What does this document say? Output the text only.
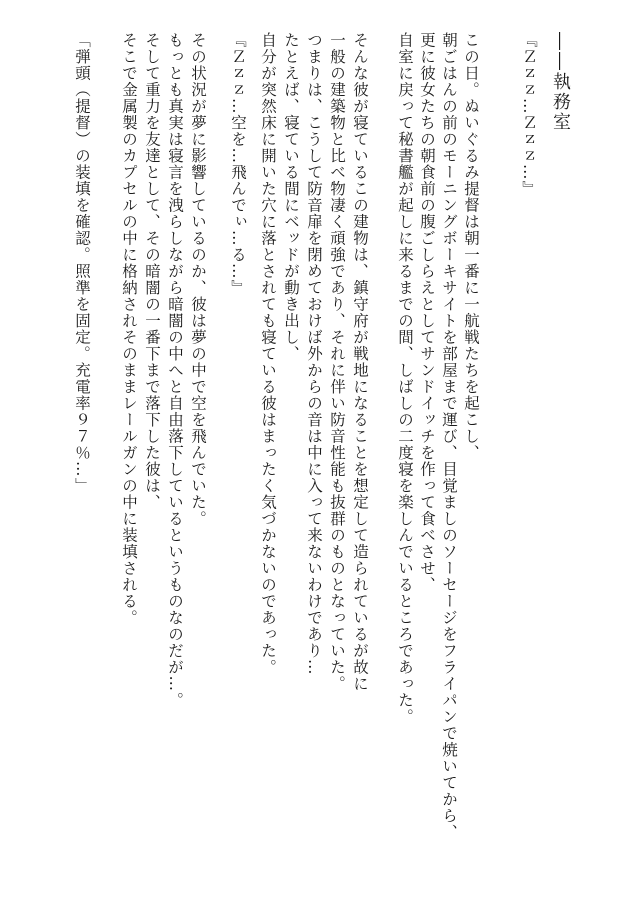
――執務室
『Ｚｚｚ…Ｚｚｚ…』
この日。ぬいぐるみ提督は朝一番に一航戦たちを起こし、
朝ごはんの前のモーニングボーキサイトを部屋まで運び、目覚ましのソーセージをフライパンで焼いてから、
更に彼女たちの朝食前の腹ごしらえとしてサンドイッチを作って食べさせ、
自室に戻って秘書艦が起しに来るまでの間、しばしの二度寝を楽しんでいるところであった。
そんな彼が寝ているこの建物は、鎮守府が戦地になることを想定して造られているが故に
一般の建築物と比べ物凄く頑強であり、それに伴い防音性能も抜群のものとなっていた。
つまりは、こうして防音扉を閉めておけば外からの音は中に入って来ないわけであり…
たとえば、寝ている間にベッドが動き出し、
自分が突然床に開いた穴に落とされても寝ている彼はまったく気づかないのであった。
『Ｚｚｚ…空を…飛んでぃ…る…』
その状況が夢に影響しているのか、彼は夢の中で空を飛んでいた。
もっとも真実は寝言を洩らしながら暗闇の中へと自由落下しているというものなのだが…。
そして重力を友達として、その暗闇の一番下まで落下した彼は、
そこで金属製のカプセルの中に格納されそのままレールガンの中に装填される。
「弾頭（提督）の装填を確認。照準を固定。充電率９７％…」
